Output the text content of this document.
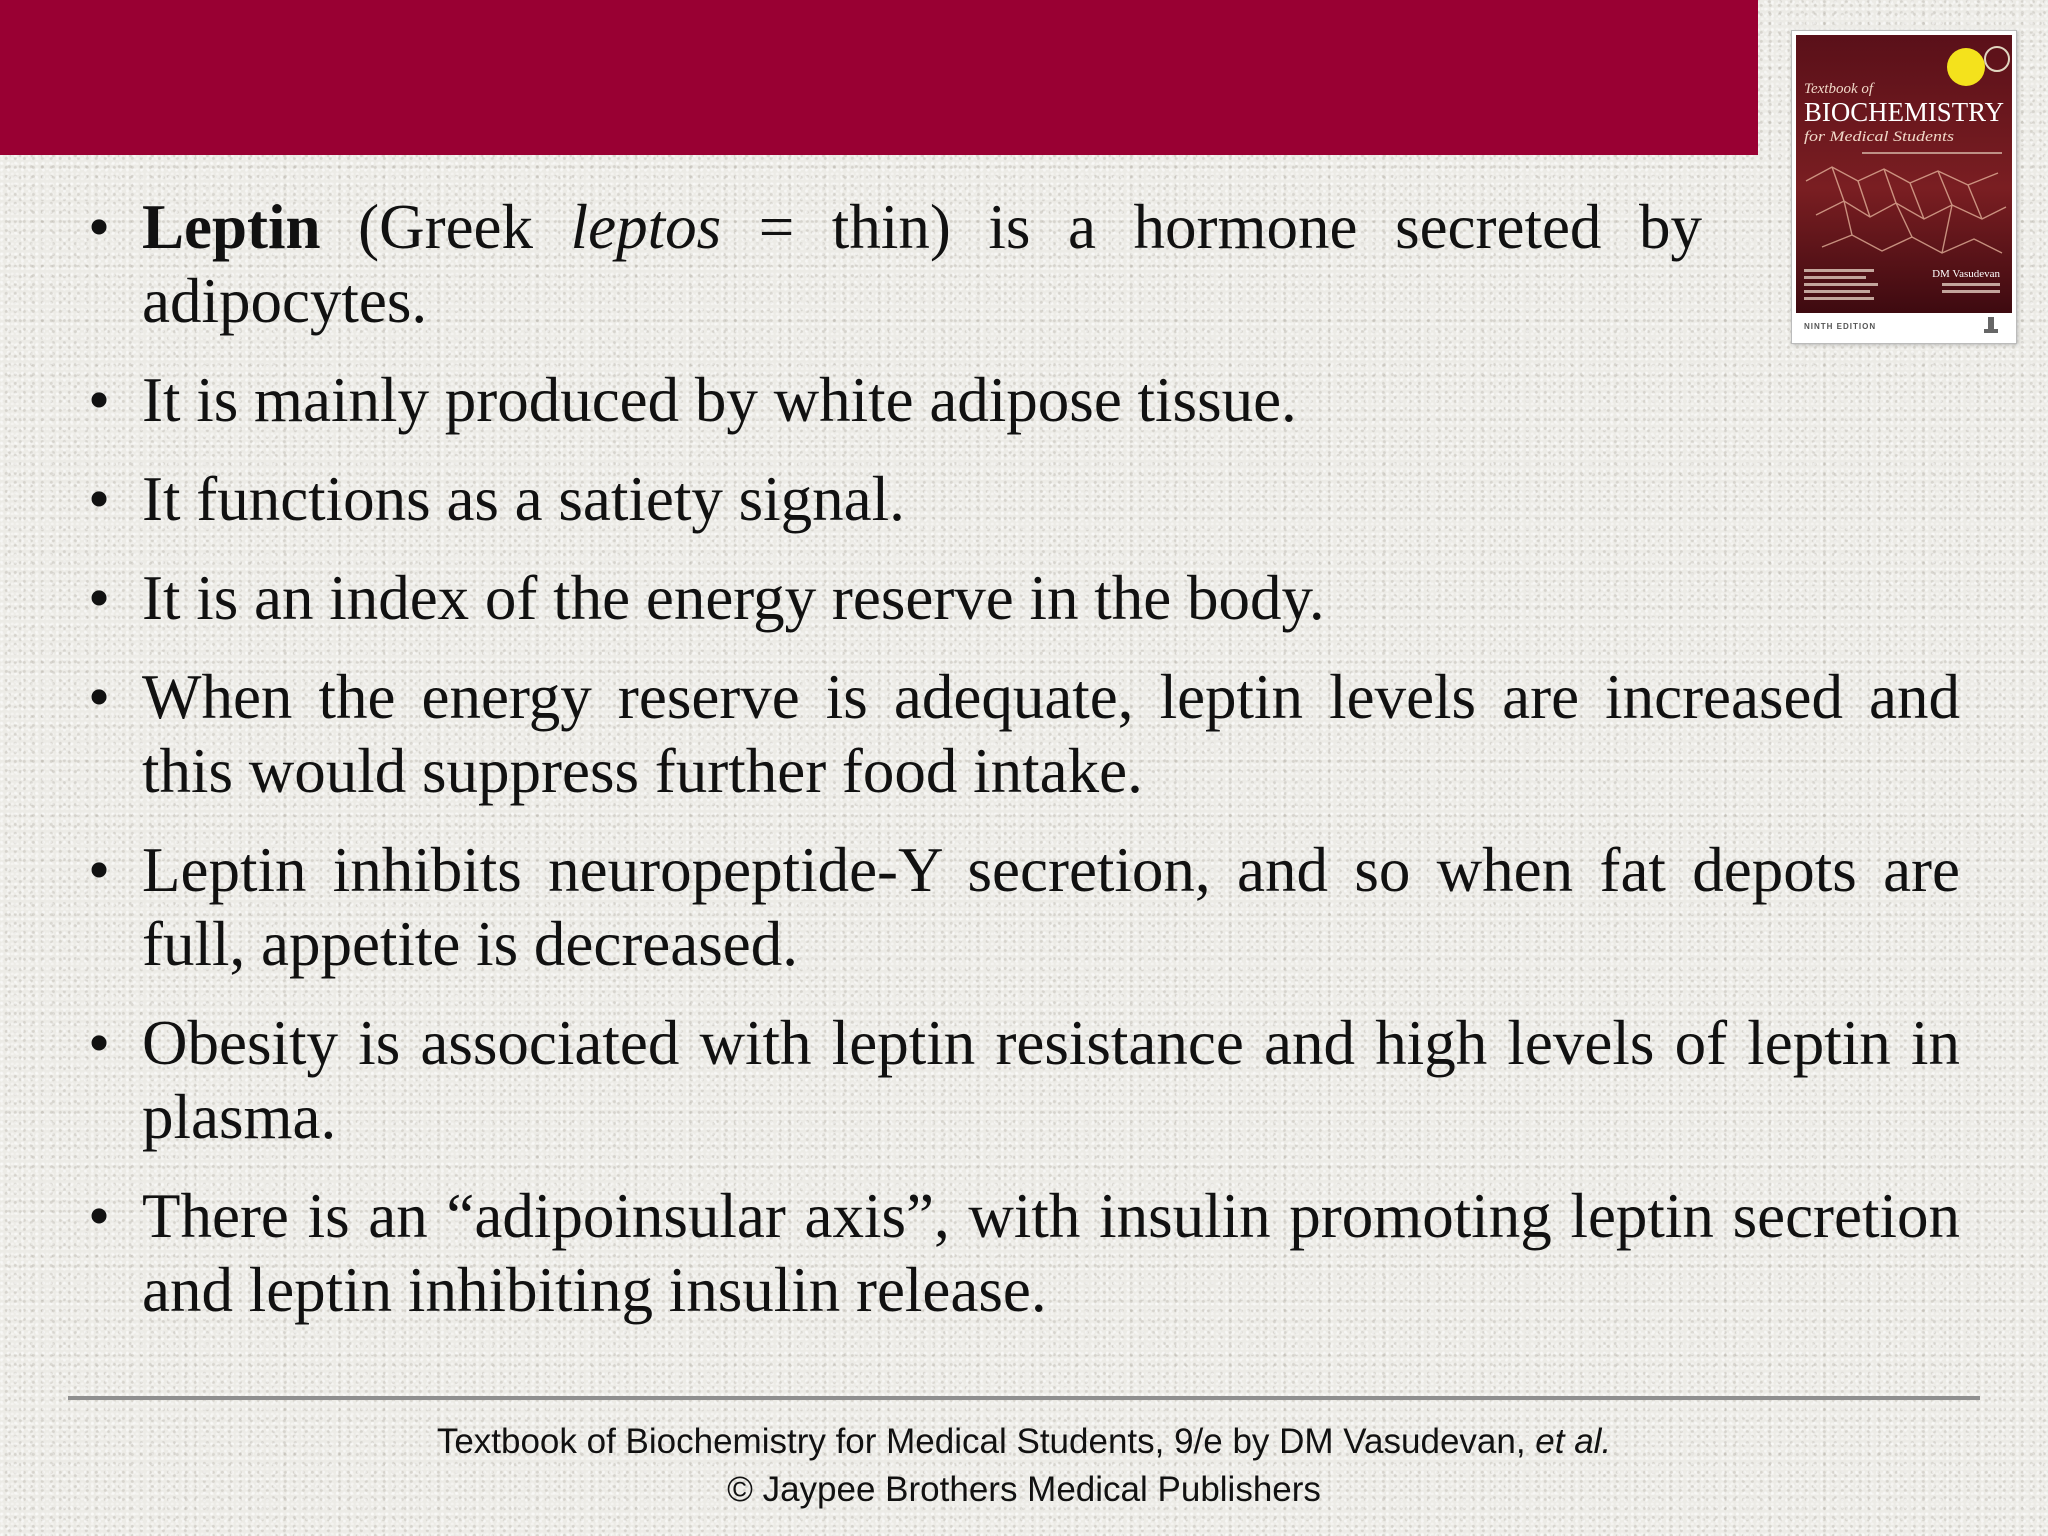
Textbook of
BIOCHEMISTRY
for Medical Students
DM Vasudevan
NINTH EDITION
• Leptin (Greek leptos = thin) is a hormone secreted by adipocytes.
• It is mainly produced by white adipose tissue.
• It functions as a satiety signal.
• It is an index of the energy reserve in the body.
• When the energy reserve is adequate, leptin levels are increased and this would suppress further food intake.
• Leptin inhibits neuropeptide-Y secretion, and so when fat depots are full, appetite is decreased.
• Obesity is associated with leptin resistance and high levels of leptin in plasma.
• There is an “adipoinsular axis”, with insulin promoting leptin secretion and leptin inhibiting insulin release.
Textbook of Biochemistry for Medical Students, 9/e by DM Vasudevan, et al.
© Jaypee Brothers Medical Publishers
